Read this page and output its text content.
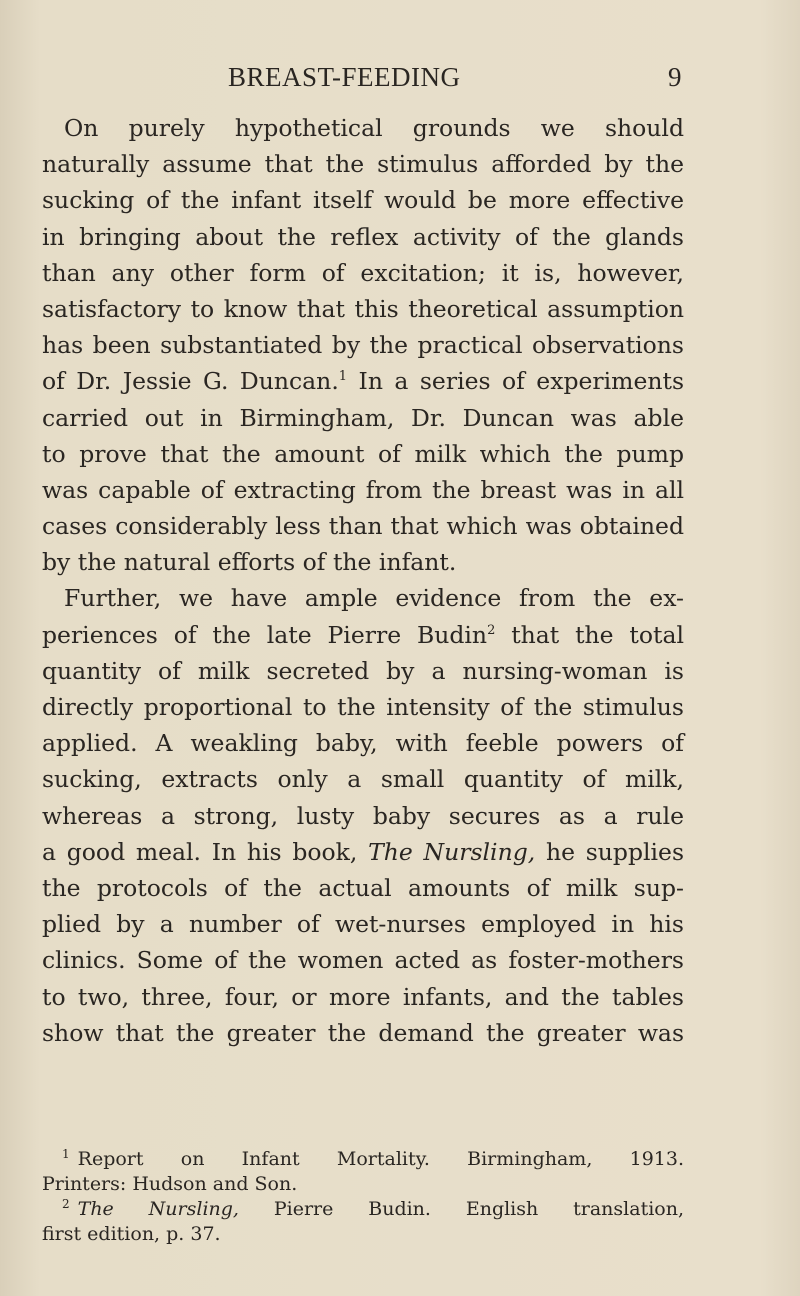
BREAST-FEEDING	9
On purely hypothetical grounds we should
naturally assume that the stimulus afforded by the
sucking of the infant itself would be more effective
in bringing about the reflex activity of the glands
than any other form of excitation; it is, however,
satisfactory to know that this theoretical assumption
has been substantiated by the practical observations
of Dr. Jessie G. Duncan.$^1$ In a series of experiments
carried out in Birmingham, Dr. Duncan was able
to prove that the amount of milk which the pump
was capable of extracting from the breast was in all
cases considerably less than that which was obtained
by the natural efforts of the infant.
Further, we have ample evidence from the ex-
periences of the late Pierre Budin$^2$ that the total
quantity of milk secreted by a nursing-woman is
directly proportional to the intensity of the stimulus
applied. A weakling baby, with feeble powers of
sucking, extracts only a small quantity of milk,
whereas a strong, lusty baby secures as a rule
a good meal. In his book, The Nursling, he supplies
the protocols of the actual amounts of milk sup-
plied by a number of wet-nurses employed in his
clinics. Some of the women acted as foster-mothers
to two, three, four, or more infants, and the tables
show that the greater the demand the greater was
$^1$ Report on Infant Mortality. Birmingham, 1913.
Printers: Hudson and Son.
$^2$ The Nursling, Pierre Budin. English translation,
first edition, p. 37.
